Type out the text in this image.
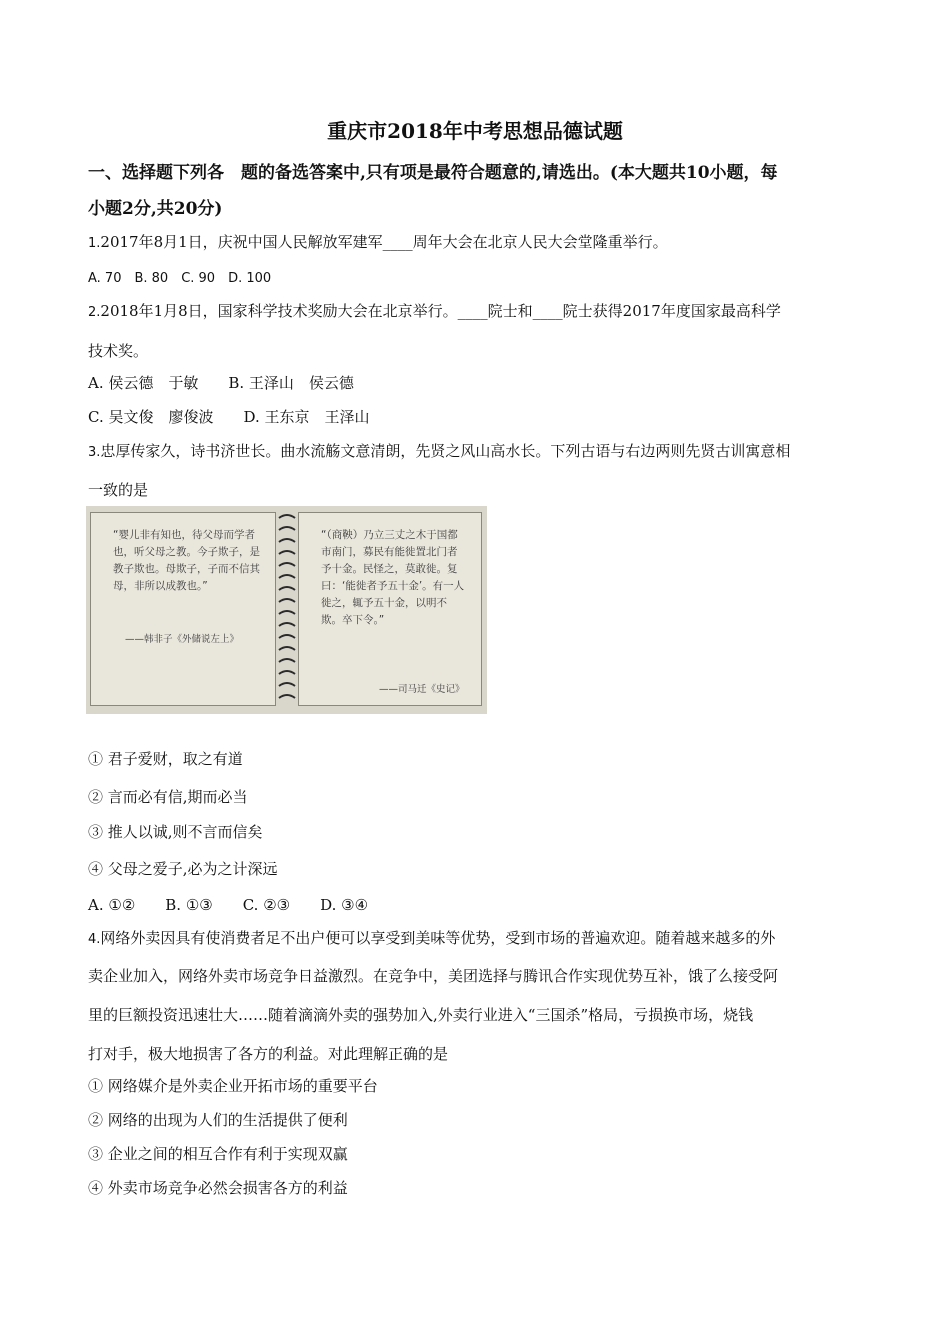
重庆市2018年中考思想品德试题
一、选择题下列各　题的备选答案中,只有项是最符合题意的,请选出。(本大题共10小题，每
小题2分,共20分)
1.2017年8月1日，庆祝中国人民解放军建军____周年大会在北京人民大会堂隆重举行。
A. 70　B. 80　C. 90　D. 100
2.2018年1月8日，国家科学技术奖励大会在北京举行。____院士和____院士获得2017年度国家最高科学
技术奖。
A. 侯云德　于敏　　B. 王泽山　侯云德
C. 吴文俊　廖俊波　　D. 王东京　王泽山
3.忠厚传家久，诗书济世长。曲水流觞文意清朗，先贤之风山高水长。下列古语与右边两则先贤古训寓意相
一致的是
“婴儿非有知也，待父母而学者也，听父母之教。今子欺子，是教子欺也。母欺子，子而不信其母，非所以成教也。”
——韩非子《外储说左上》
“（商鞅）乃立三丈之木于国都市南门，募民有能徙置北门者予十金。民怪之，莫敢徙。复曰：‘能徙者予五十金’。有一人徙之，辄予五十金，以明不欺。卒下令。”
——司马迁《史记》
① 君子爱财，取之有道
② 言而必有信,期而必当
③ 推人以诚,则不言而信矣
④ 父母之爱子,必为之计深远
A. ①②　　B. ①③　　C. ②③　　D. ③④
4.网络外卖因具有使消费者足不出户便可以享受到美味等优势，受到市场的普遍欢迎。随着越来越多的外
卖企业加入，网络外卖市场竞争日益激烈。在竞争中，美团选择与腾讯合作实现优势互补，饿了么接受阿
里的巨额投资迅速壮大……随着滴滴外卖的强势加入,外卖行业进入“三国杀”格局，亏损换市场，烧钱
打对手，极大地损害了各方的利益。对此理解正确的是
① 网络媒介是外卖企业开拓市场的重要平台
② 网络的出现为人们的生活提供了便利
③ 企业之间的相互合作有利于实现双赢
④ 外卖市场竞争必然会损害各方的利益
